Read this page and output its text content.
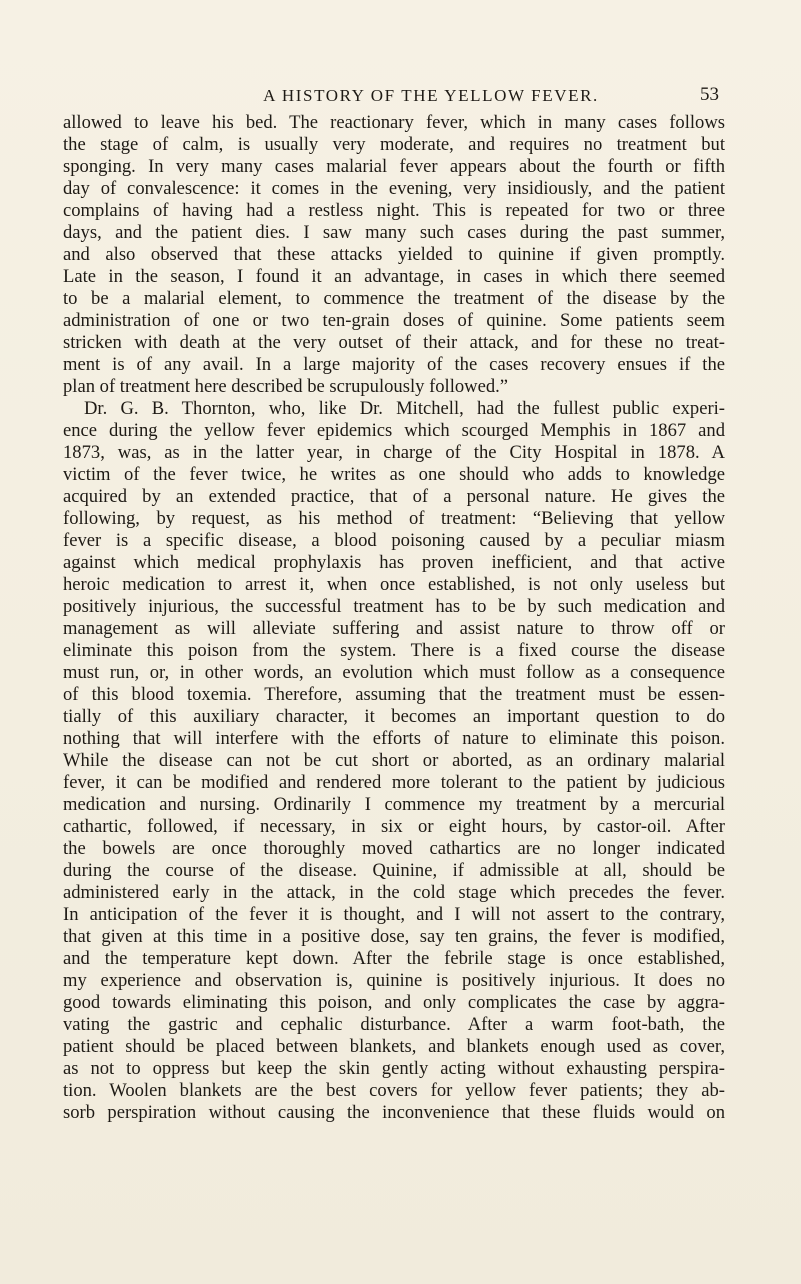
A HISTORY OF THE YELLOW FEVER.	53
allowed to leave his bed. The reactionary fever, which in many cases follows
the stage of calm, is usually very moderate, and requires no treatment but
sponging. In very many cases malarial fever appears about the fourth or fifth
day of convalescence: it comes in the evening, very insidiously, and the patient
complains of having had a restless night. This is repeated for two or three
days, and the patient dies. I saw many such cases during the past summer,
and also observed that these attacks yielded to quinine if given promptly.
Late in the season, I found it an advantage, in cases in which there seemed
to be a malarial element, to commence the treatment of the disease by the
administration of one or two ten-grain doses of quinine. Some patients seem
stricken with death at the very outset of their attack, and for these no treat-
ment is of any avail. In a large majority of the cases recovery ensues if the
plan of treatment here described be scrupulously followed.”
Dr. G. B. Thornton, who, like Dr. Mitchell, had the fullest public experi-
ence during the yellow fever epidemics which scourged Memphis in 1867 and
1873, was, as in the latter year, in charge of the City Hospital in 1878. A
victim of the fever twice, he writes as one should who adds to knowledge
acquired by an extended practice, that of a personal nature. He gives the
following, by request, as his method of treatment: “Believing that yellow
fever is a specific disease, a blood poisoning caused by a peculiar miasm
against which medical prophylaxis has proven inefficient, and that active
heroic medication to arrest it, when once established, is not only useless but
positively injurious, the successful treatment has to be by such medication and
management as will alleviate suffering and assist nature to throw off or
eliminate this poison from the system. There is a fixed course the disease
must run, or, in other words, an evolution which must follow as a consequence
of this blood toxemia. Therefore, assuming that the treatment must be essen-
tially of this auxiliary character, it becomes an important question to do
nothing that will interfere with the efforts of nature to eliminate this poison.
While the disease can not be cut short or aborted, as an ordinary malarial
fever, it can be modified and rendered more tolerant to the patient by judicious
medication and nursing. Ordinarily I commence my treatment by a mercurial
cathartic, followed, if necessary, in six or eight hours, by castor-oil. After
the bowels are once thoroughly moved cathartics are no longer indicated
during the course of the disease. Quinine, if admissible at all, should be
administered early in the attack, in the cold stage which precedes the fever.
In anticipation of the fever it is thought, and I will not assert to the contrary,
that given at this time in a positive dose, say ten grains, the fever is modified,
and the temperature kept down. After the febrile stage is once established,
my experience and observation is, quinine is positively injurious. It does no
good towards eliminating this poison, and only complicates the case by aggra-
vating the gastric and cephalic disturbance. After a warm foot-bath, the
patient should be placed between blankets, and blankets enough used as cover,
as not to oppress but keep the skin gently acting without exhausting perspira-
tion. Woolen blankets are the best covers for yellow fever patients; they ab-
sorb perspiration without causing the inconvenience that these fluids would on
